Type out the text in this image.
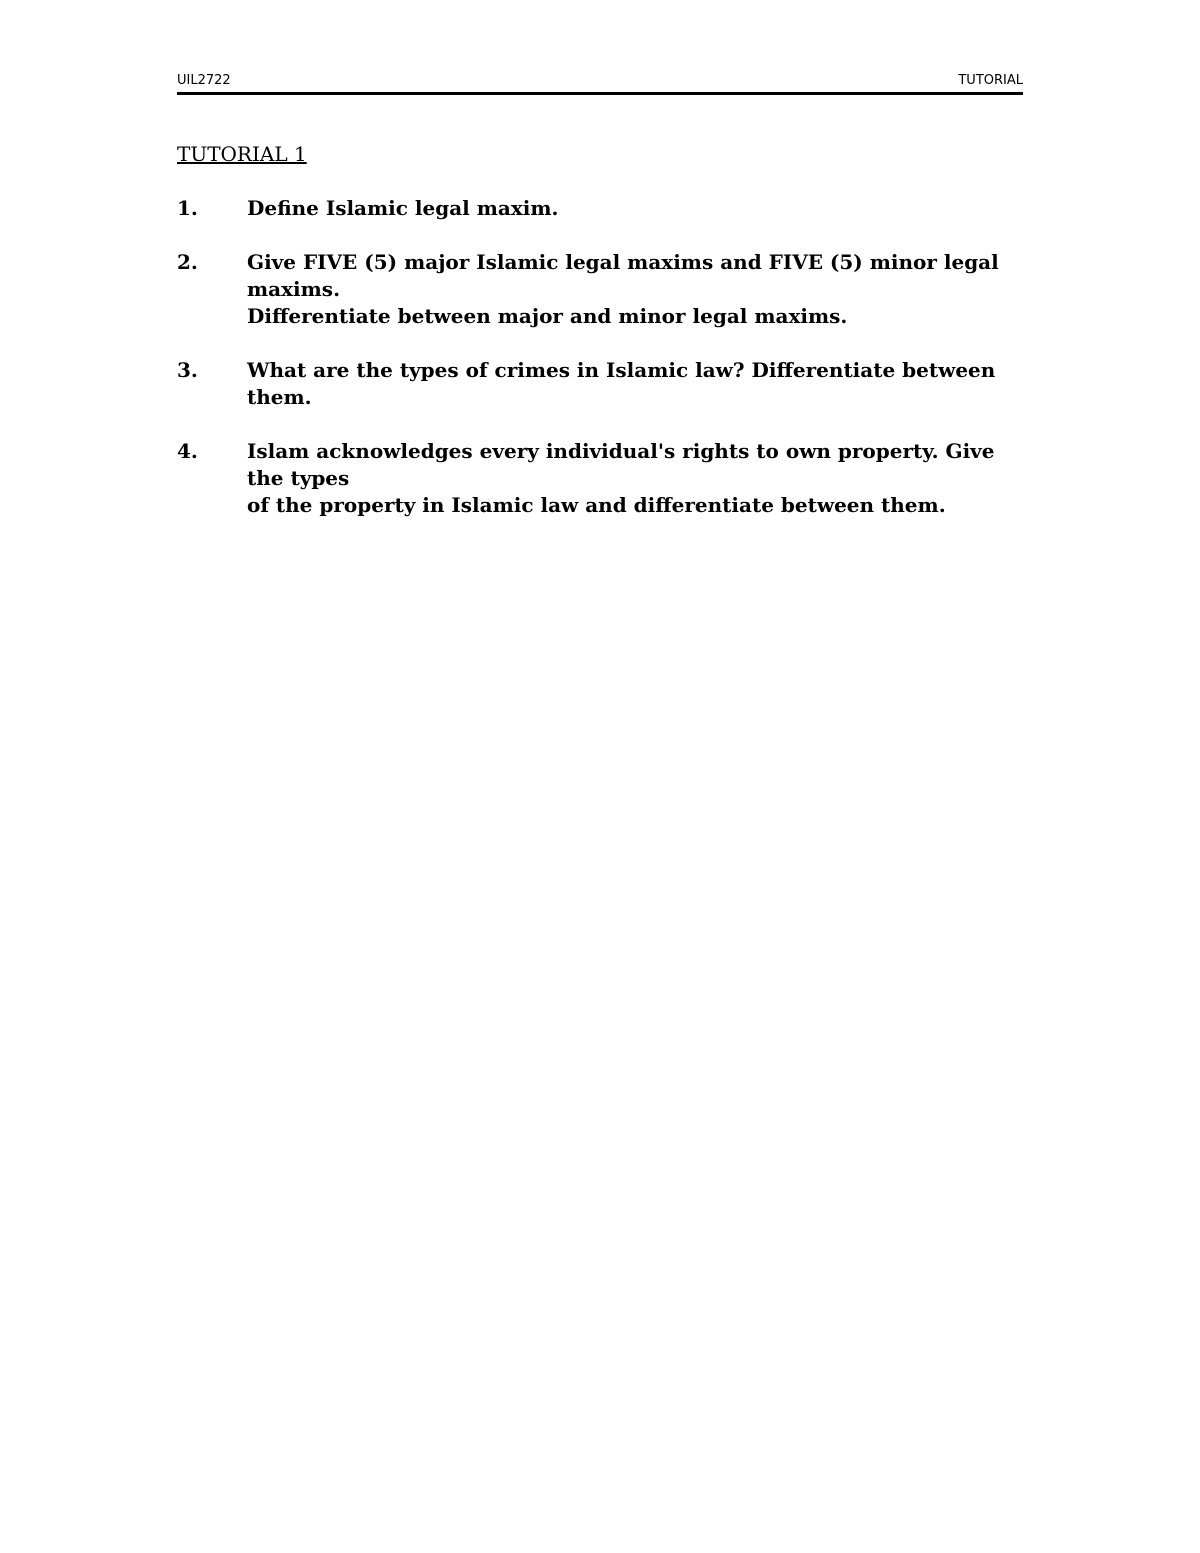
UIL2722	TUTORIAL
TUTORIAL 1
1.	Define Islamic legal maxim.
2.	Give FIVE (5) major Islamic legal maxims and FIVE (5) minor legal maxims.
Differentiate between major and minor legal maxims.
3.	What are the types of crimes in Islamic law? Differentiate between them.
4.	Islam acknowledges every individual's rights to own property. Give the types
of the property in Islamic law and differentiate between them.
